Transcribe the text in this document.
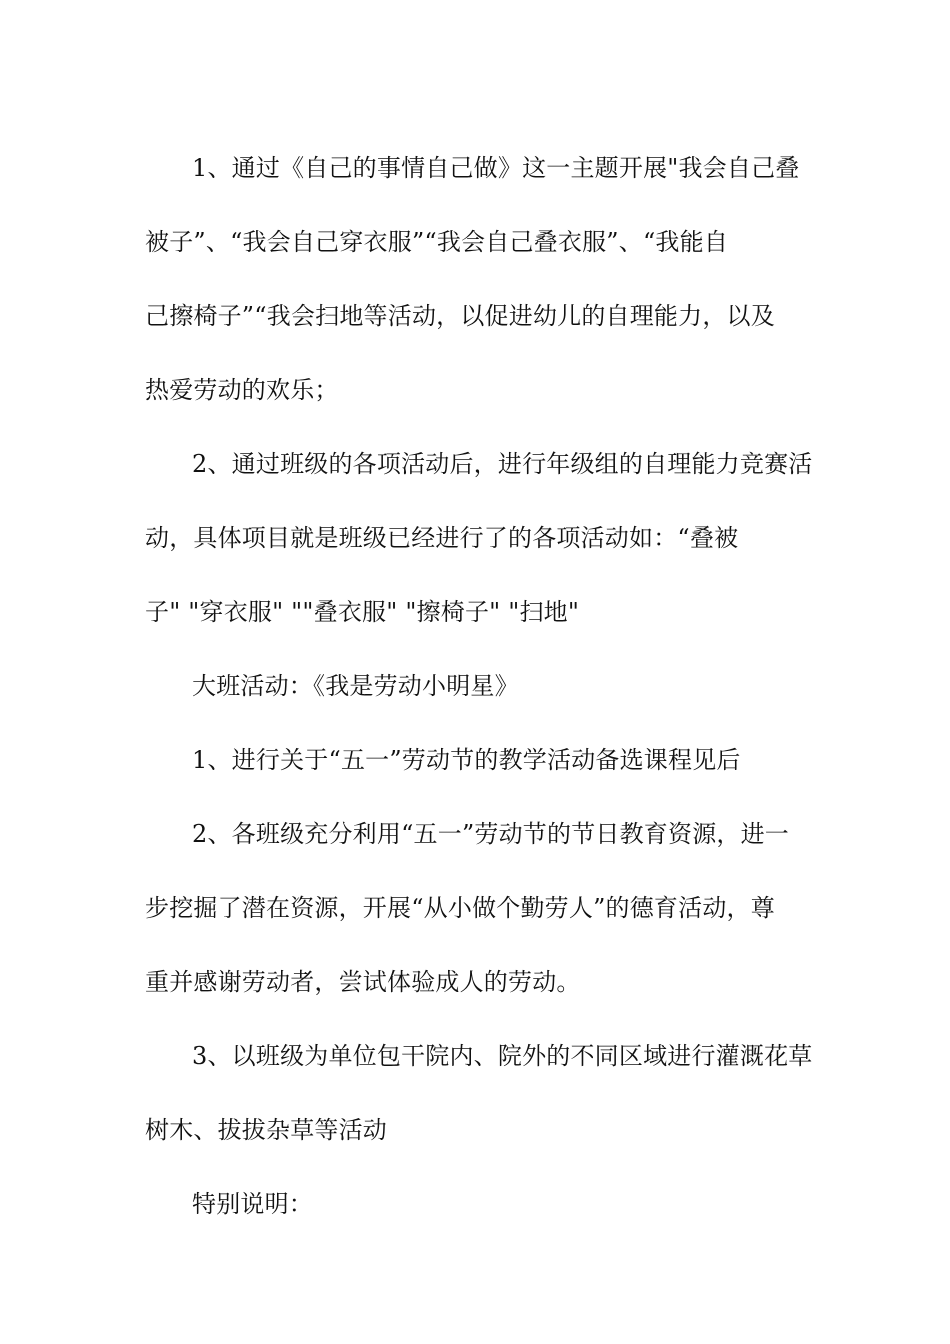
1、通过《自己的事情自己做》这一主题开展"我会自己叠
被子”、“我会自己穿衣服”“我会自己叠衣服”、“我能自
己擦椅子”“我会扫地等活动，以促进幼儿的自理能力，以及
热爱劳动的欢乐；
2、通过班级的各项活动后，进行年级组的自理能力竞赛活
动，具体项目就是班级已经进行了的各项活动如：“叠被
子" "穿衣服" ""叠衣服" "擦椅子" "扫地"
大班活动：《我是劳动小明星》
1、进行关于“五一”劳动节的教学活动备选课程见后
2、各班级充分利用“五一”劳动节的节日教育资源，进一
步挖掘了潜在资源，开展“从小做个勤劳人”的德育活动，尊
重并感谢劳动者，尝试体验成人的劳动。
3、以班级为单位包干院内、院外的不同区域进行灌溉花草
树木、拔拔杂草等活动
特别说明：
